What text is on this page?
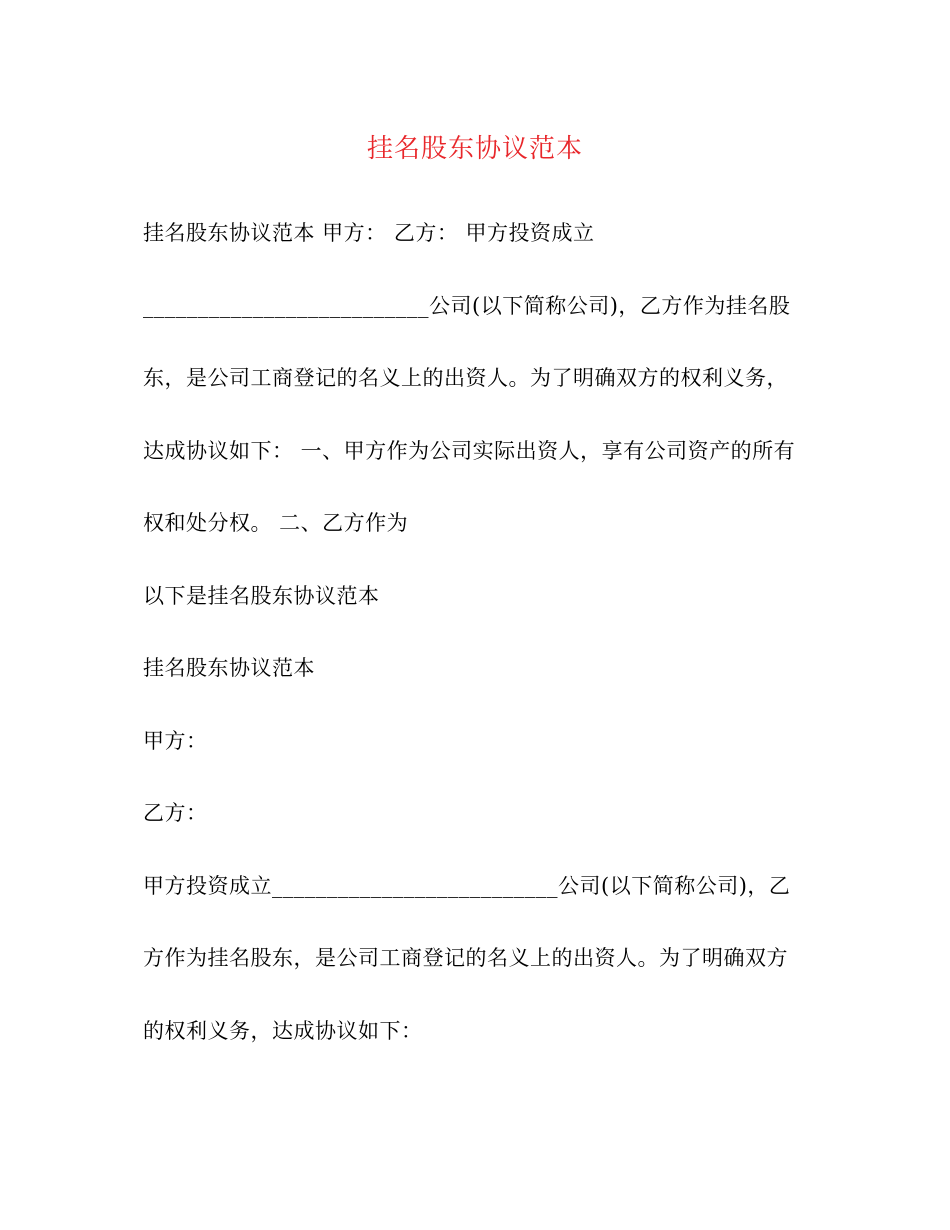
挂名股东协议范本
挂名股东协议范本 甲方： 乙方： 甲方投资成立
__________________________公司(以下简称公司)，乙方作为挂名股
东，是公司工商登记的名义上的出资人。为了明确双方的权利义务，
达成协议如下： 一、甲方作为公司实际出资人，享有公司资产的所有
权和处分权。 二、乙方作为
以下是挂名股东协议范本
挂名股东协议范本
甲方：
乙方：
甲方投资成立__________________________公司(以下简称公司)，乙
方作为挂名股东，是公司工商登记的名义上的出资人。为了明确双方
的权利义务，达成协议如下：
